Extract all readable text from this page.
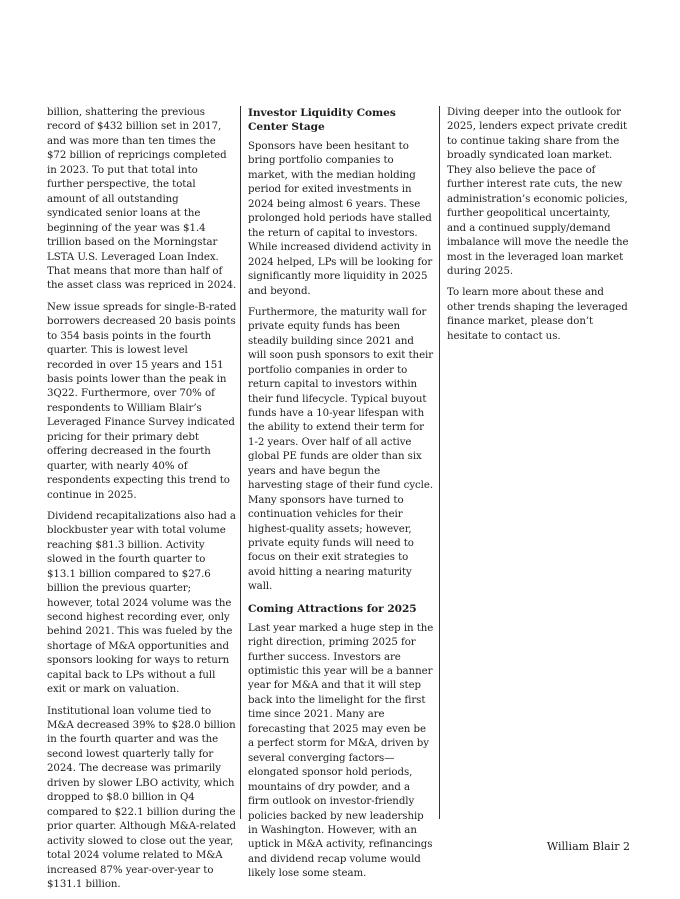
billion, shattering the previous record of $432 billion set in 2017, and was more than ten times the $72 billion of repricings completed in 2023. To put that total into further perspective, the total amount of all outstanding syndicated senior loans at the beginning of the year was $1.4 trillion based on the Morningstar LSTA U.S. Leveraged Loan Index. That means that more than half of the asset class was repriced in 2024.

New issue spreads for single-B-rated borrowers decreased 20 basis points to 354 basis points in the fourth quarter. This is lowest level recorded in over 15 years and 151 basis points lower than the peak in 3Q22. Furthermore, over 70% of respondents to William Blair’s Leveraged Finance Survey indicated pricing for their primary debt offering decreased in the fourth quarter, with nearly 40% of respondents expecting this trend to continue in 2025.

Dividend recapitalizations also had a blockbuster year with total volume reaching $81.3 billion. Activity slowed in the fourth quarter to $13.1 billion compared to $27.6 billion the previous quarter; however, total 2024 volume was the second highest recording ever, only behind 2021. This was fueled by the shortage of M&A opportunities and sponsors looking for ways to return capital back to LPs without a full exit or mark on valuation.

Institutional loan volume tied to M&A decreased 39% to $28.0 billion in the fourth quarter and was the second lowest quarterly tally for 2024. The decrease was primarily driven by slower LBO activity, which dropped to $8.0 billion in Q4 compared to $22.1 billion during the prior quarter. Although M&A-related activity slowed to close out the year, total 2024 volume related to M&A increased 87% year-over-year to $131.1 billion.

Investor Liquidity Comes Center Stage

Sponsors have been hesitant to bring portfolio companies to market, with the median holding period for exited investments in 2024 being almost 6 years. These prolonged hold periods have stalled the return of capital to investors. While increased dividend activity in 2024 helped, LPs will be looking for significantly more liquidity in 2025 and beyond.

Furthermore, the maturity wall for private equity funds has been steadily building since 2021 and will soon push sponsors to exit their portfolio companies in order to return capital to investors within their fund lifecycle. Typical buyout funds have a 10-year lifespan with the ability to extend their term for 1-2 years. Over half of all active global PE funds are older than six years and have begun the harvesting stage of their fund cycle. Many sponsors have turned to continuation vehicles for their highest-quality assets; however, private equity funds will need to focus on their exit strategies to avoid hitting a nearing maturity wall.

Coming Attractions for 2025

Last year marked a huge step in the right direction, priming 2025 for further success. Investors are optimistic this year will be a banner year for M&A and that it will step back into the limelight for the first time since 2021. Many are forecasting that 2025 may even be a perfect storm for M&A, driven by several converging factors—elongated sponsor hold periods, mountains of dry powder, and a firm outlook on investor-friendly policies backed by new leadership in Washington. However, with an uptick in M&A activity, refinancings and dividend recap volume would likely lose some steam.

Diving deeper into the outlook for 2025, lenders expect private credit to continue taking share from the broadly syndicated loan market. They also believe the pace of further interest rate cuts, the new administration’s economic policies, further geopolitical uncertainty, and a continued supply/demand imbalance will move the needle the most in the leveraged loan market during 2025.

To learn more about these and other trends shaping the leveraged finance market, please don’t hesitate to contact us.

William Blair 2
